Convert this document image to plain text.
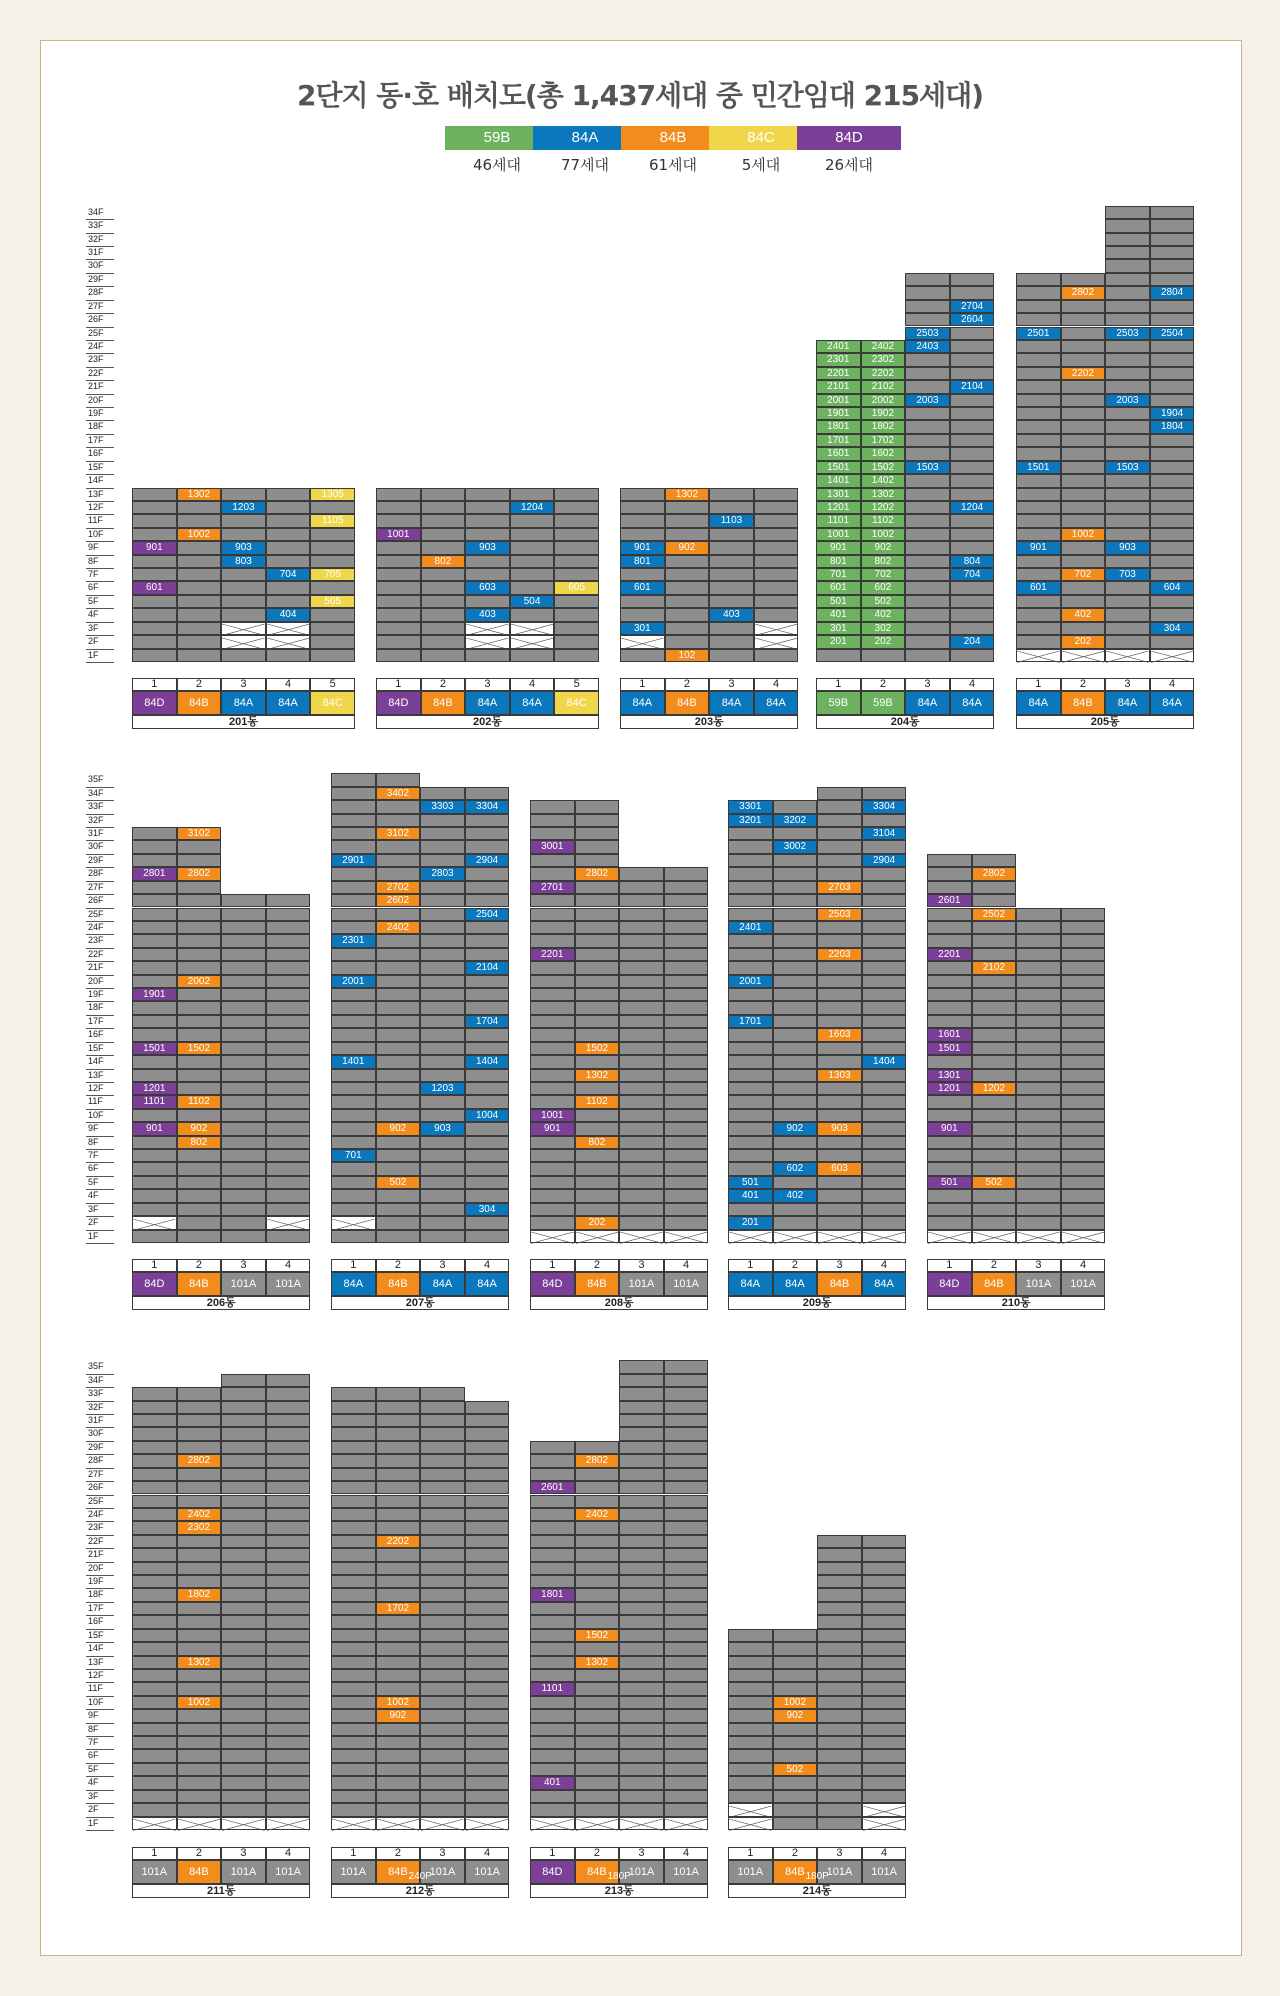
2단지 동·호 배치도(총 1,437세대 중 민간임대 215세대)
59B
46세대
84A
77세대
84B
61세대
84C
5세대
84D
26세대
1F
2F
3F
4F
5F
6F
7F
8F
9F
10F
11F
12F
13F
14F
15F
16F
17F
18F
19F
20F
21F
22F
23F
24F
25F
26F
27F
28F
29F
30F
31F
32F
33F
34F
601
901
1
84D
1002
1302
2
84B
803
903
1203
3
84A
404
704
4
84A
505
705
1105
1305
5
84C
201동
1001
1
84D
802
2
84B
403
603
903
3
84A
504
1204
4
84A
605
5
84C
202동
301
601
801
901
1
84A
102
902
1302
2
84B
403
1103
3
84A
4
84A
203동
201
301
401
501
601
701
801
901
1001
1101
1201
1301
1401
1501
1601
1701
1801
1901
2001
2101
2201
2301
2401
1
59B
202
302
402
502
602
702
802
902
1002
1102
1202
1302
1402
1502
1602
1702
1802
1902
2002
2102
2202
2302
2402
2
59B
1503
2003
2403
2503
3
84A
204
704
804
1204
2104
2604
2704
4
84A
204동
601
901
1501
2501
1
84A
202
402
702
1002
2202
2802
2
84B
703
903
1503
2003
2503
3
84A
304
604
1804
1904
2504
2804
4
84A
205동
1F
2F
3F
4F
5F
6F
7F
8F
9F
10F
11F
12F
13F
14F
15F
16F
17F
18F
19F
20F
21F
22F
23F
24F
25F
26F
27F
28F
29F
30F
31F
32F
33F
34F
35F
901
1101
1201
1501
1901
2801
1
84D
802
902
1102
1502
2002
2802
3102
2
84B
3
101A
4
101A
206동
701
1401
2001
2301
2901
1
84A
502
902
2402
2602
2702
3102
3402
2
84B
903
1203
2803
3303
3
84A
304
1004
1404
1704
2104
2504
2904
3304
4
84A
207동
901
1001
2201
2701
3001
1
84D
202
802
1102
1302
1502
2802
2
84B
3
101A
4
101A
208동
201
401
501
1701
2001
2401
3201
3301
1
84A
402
602
902
3002
3202
2
84A
603
903
1303
1603
2203
2503
2703
3
84B
1404
2904
3104
3304
4
84A
209동
501
901
1201
1301
1501
1601
2201
2601
1
84D
502
1202
2102
2502
2802
2
84B
3
101A
4
101A
210동
1F
2F
3F
4F
5F
6F
7F
8F
9F
10F
11F
12F
13F
14F
15F
16F
17F
18F
19F
20F
21F
22F
23F
24F
25F
26F
27F
28F
29F
30F
31F
32F
33F
34F
35F
1
101A
1002
1302
1802
2302
2402
2802
2
84B
3
101A
4
101A
211동
1
101A
902
1002
1702
2202
2
84B
3
101A
4
101A
212동
240P
401
1101
1801
2601
1
84D
1302
1502
2402
2802
2
84B
3
101A
4
101A
213동
180P
1
101A
502
902
1002
2
84B
3
101A
4
101A
214동
180P
